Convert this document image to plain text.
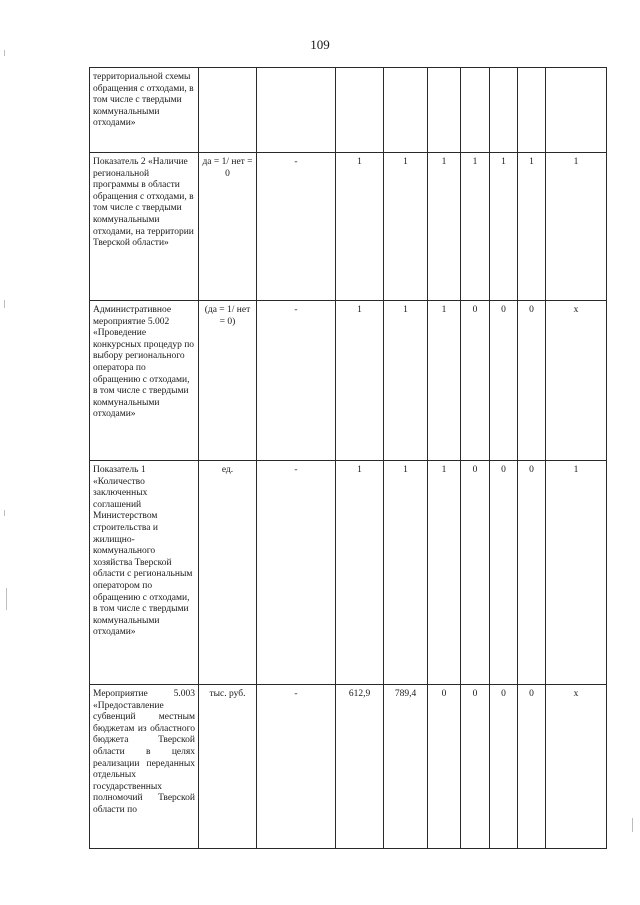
109
территориальной схемы обращения с отходами, в том числе с твердыми коммунальными отходами»									
Показатель 2 «Наличие региональной программы в области обращения с отходами, в том числе с твердыми коммунальными отходами, на территории Тверской области»	да = 1/ нет = 0	-	1	1	1	1	1	1	1
Административное мероприятие 5.002 «Проведение конкурсных процедур по выбору регионального оператора по обращению с отходами, в том числе с твердыми коммунальными отходами»	(да = 1/ нет = 0)	-	1	1	1	0	0	0	х
Показатель 1 «Количество заключенных соглашений Министерством строительства и жилищно-коммунального хозяйства Тверской области с региональным оператором по обращению с отходами, в том числе с твердыми коммунальными отходами»	ед.	-	1	1	1	0	0	0	1
Мероприятие 5.003 «Предоставление субвенций местным бюджетам из областного бюджета Тверской области в целях реализации переданных отдельных государственных полномочий Тверской области по	тыс. руб.	-	612,9	789,4	0	0	0	0	х
